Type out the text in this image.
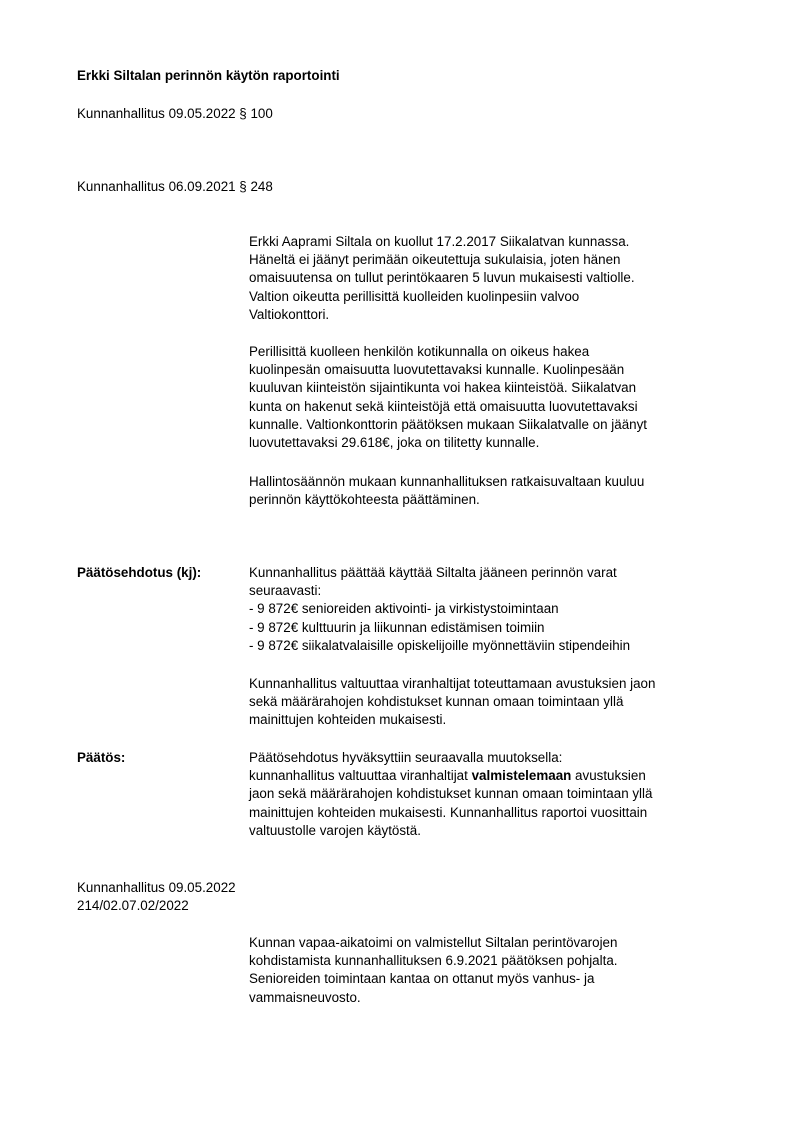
Erkki Siltalan perinnön käytön raportointi
Kunnanhallitus 09.05.2022 § 100
Kunnanhallitus 06.09.2021 § 248
Erkki Aaprami Siltala on kuollut 17.2.2017 Siikalatvan kunnassa.
Häneltä ei jäänyt perimään oikeutettuja sukulaisia, joten hänen
omaisuutensa on tullut perintökaaren 5 luvun mukaisesti valtiolle.
Valtion oikeutta perillisittä kuolleiden kuolinpesiin valvoo
Valtiokonttori.
Perillisittä kuolleen henkilön kotikunnalla on oikeus hakea
kuolinpesän omaisuutta luovutettavaksi kunnalle. Kuolinpesään
kuuluvan kiinteistön sijaintikunta voi hakea kiinteistöä. Siikalatvan
kunta on hakenut sekä kiinteistöjä että omaisuutta luovutettavaksi
kunnalle. Valtionkonttorin päätöksen mukaan Siikalatvalle on jäänyt
luovutettavaksi 29.618€, joka on tilitetty kunnalle.
Hallintosäännön mukaan kunnanhallituksen ratkaisuvaltaan kuuluu
perinnön käyttökohteesta päättäminen.
Päätösehdotus (kj):	Kunnanhallitus päättää käyttää Siltalta jääneen perinnön varat
seuraavasti:
- 9 872€ senioreiden aktivointi- ja virkistystoimintaan
- 9 872€ kulttuurin ja liikunnan edistämisen toimiin
- 9 872€ siikalatvalaisille opiskelijoille myönnettäviin stipendeihin
Kunnanhallitus valtuuttaa viranhaltijat toteuttamaan avustuksien jaon
sekä määrärahojen kohdistukset kunnan omaan toimintaan yllä
mainittujen kohteiden mukaisesti.
Päätös:	Päätösehdotus hyväksyttiin seuraavalla muutoksella:
kunnanhallitus valtuuttaa viranhaltijat valmistelemaan avustuksien
jaon sekä määrärahojen kohdistukset kunnan omaan toimintaan yllä
mainittujen kohteiden mukaisesti. Kunnanhallitus raportoi vuosittain
valtuustolle varojen käytöstä.
Kunnanhallitus 09.05.2022
214/02.07.02/2022
Kunnan vapaa-aikatoimi on valmistellut Siltalan perintövarojen
kohdistamista kunnanhallituksen 6.9.2021 päätöksen pohjalta.
Senioreiden toimintaan kantaa on ottanut myös vanhus- ja
vammaisneuvosto.
